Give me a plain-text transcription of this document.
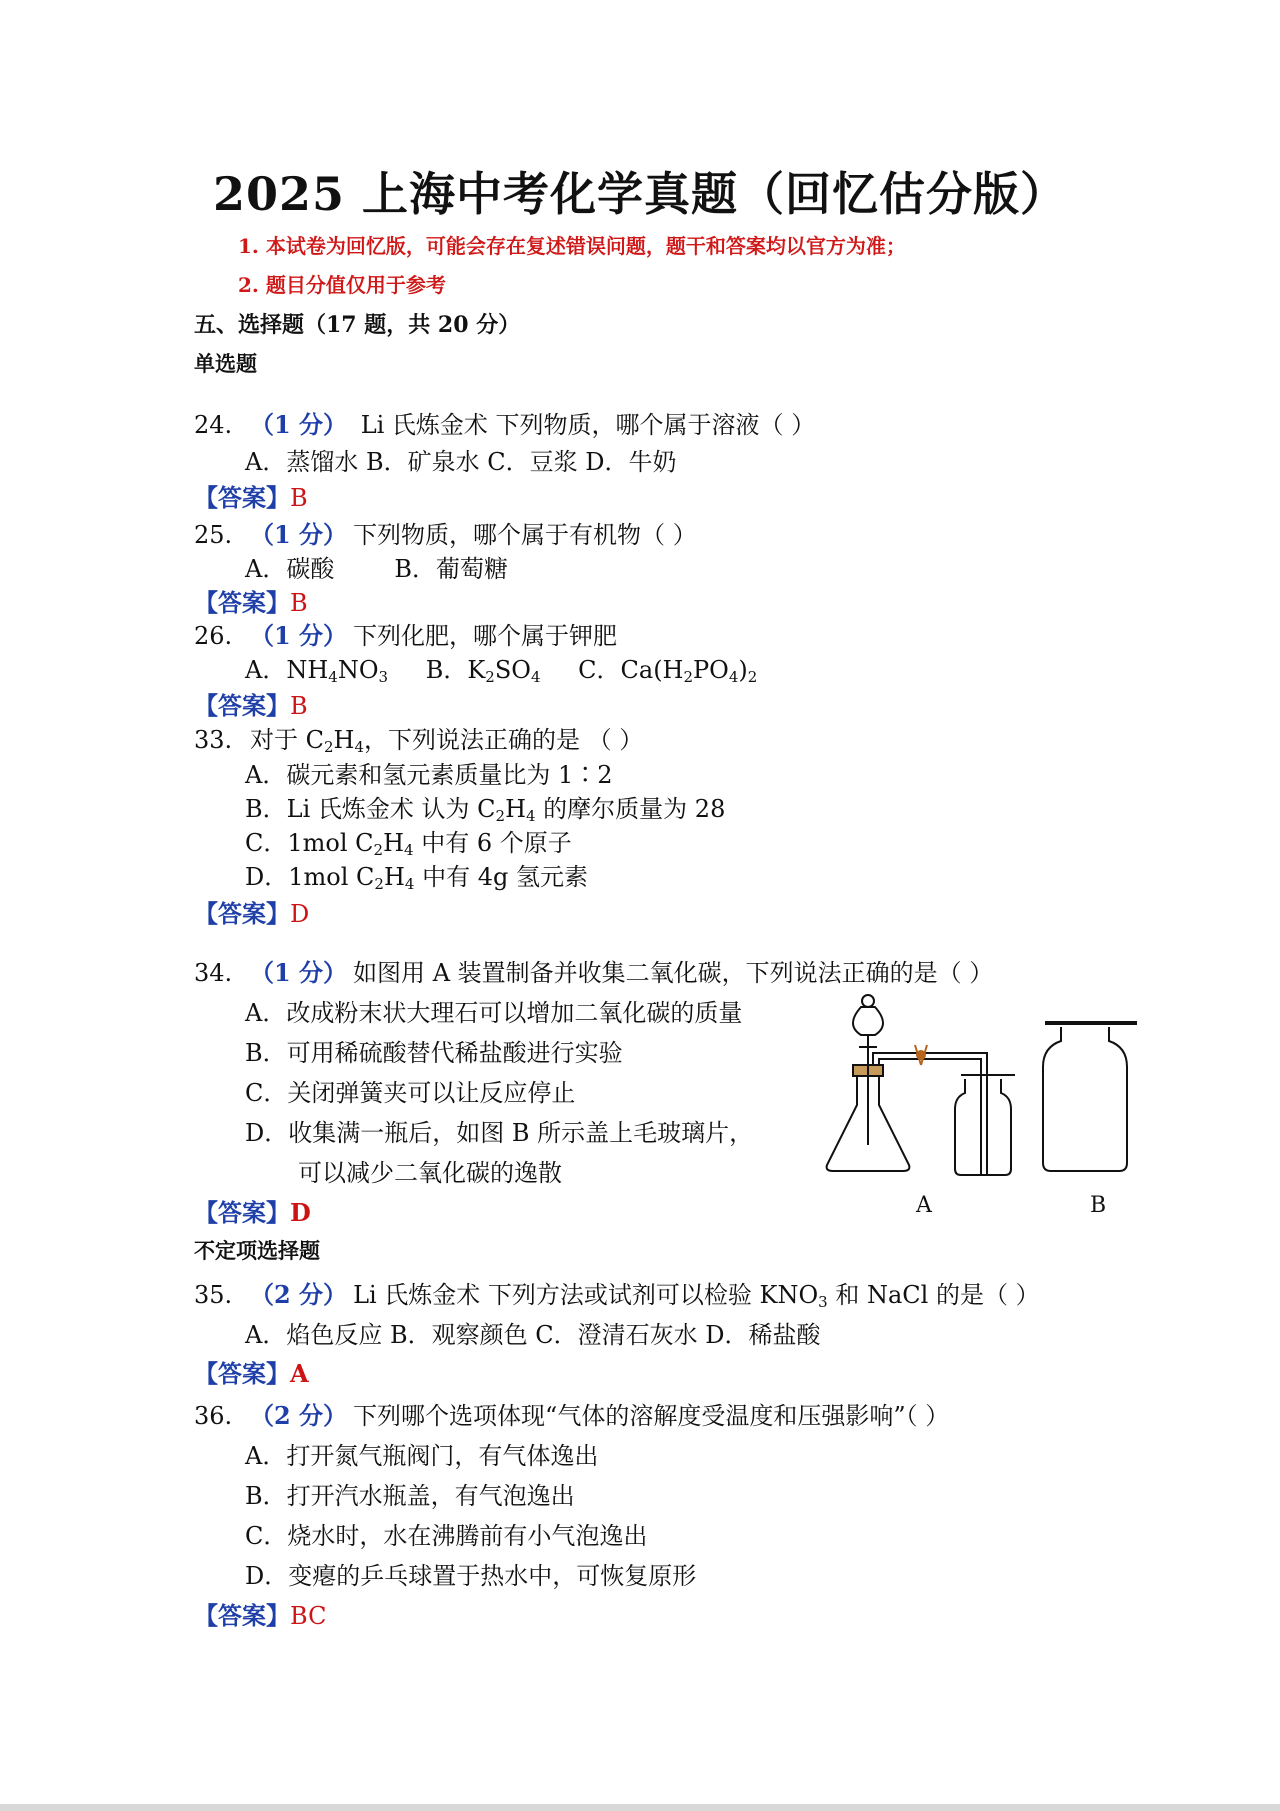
2025 上海中考化学真题（回忆估分版）
1. 本试卷为回忆版，可能会存在复述错误问题，题干和答案均以官方为准；
2. 题目分值仅用于参考
五、选择题（17 题，共 20 分）
单选题
24. （1 分） Li 氏炼金术 下列物质，哪个属于溶液（ ）
A．蒸馏水 B．矿泉水 C．豆浆 D．牛奶
【答案】B
25. （1 分） 下列物质，哪个属于有机物（ ）
A．碳酸	B．葡萄糖
【答案】B
26. （1 分） 下列化肥，哪个属于钾肥
A．$NH_4NO_3$ B．$K_2SO_4$ C．$Ca(H_2PO_4)_2$
【答案】B
33. 对于 $C_2H_4$，下列说法正确的是 （ ）
A．碳元素和氢元素质量比为 1∶2
B．Li 氏炼金术 认为 $C_2H_4$ 的摩尔质量为 28
C．1mol $C_2H_4$ 中有 6 个原子
D．1mol $C_2H_4$ 中有 4g 氢元素
【答案】D
34. （1 分） 如图用 A 装置制备并收集二氧化碳，下列说法正确的是（ ）
A．改成粉末状大理石可以增加二氧化碳的质量
B．可用稀硫酸替代稀盐酸进行实验
C．关闭弹簧夹可以让反应停止
D．收集满一瓶后，如图 B 所示盖上毛玻璃片，
可以减少二氧化碳的逸散
【答案】D	A	B
不定项选择题
35. （2 分） Li 氏炼金术 下列方法或试剂可以检验 $KNO_3$ 和 NaCl 的是（ ）
A．焰色反应 B．观察颜色 C．澄清石灰水 D．稀盐酸
【答案】A
36. （2 分） 下列哪个选项体现“气体的溶解度受温度和压强影响”（ ）
A．打开氮气瓶阀门，有气体逸出
B．打开汽水瓶盖，有气泡逸出
C．烧水时，水在沸腾前有小气泡逸出
D．变瘪的乒乓球置于热水中，可恢复原形
【答案】BC
